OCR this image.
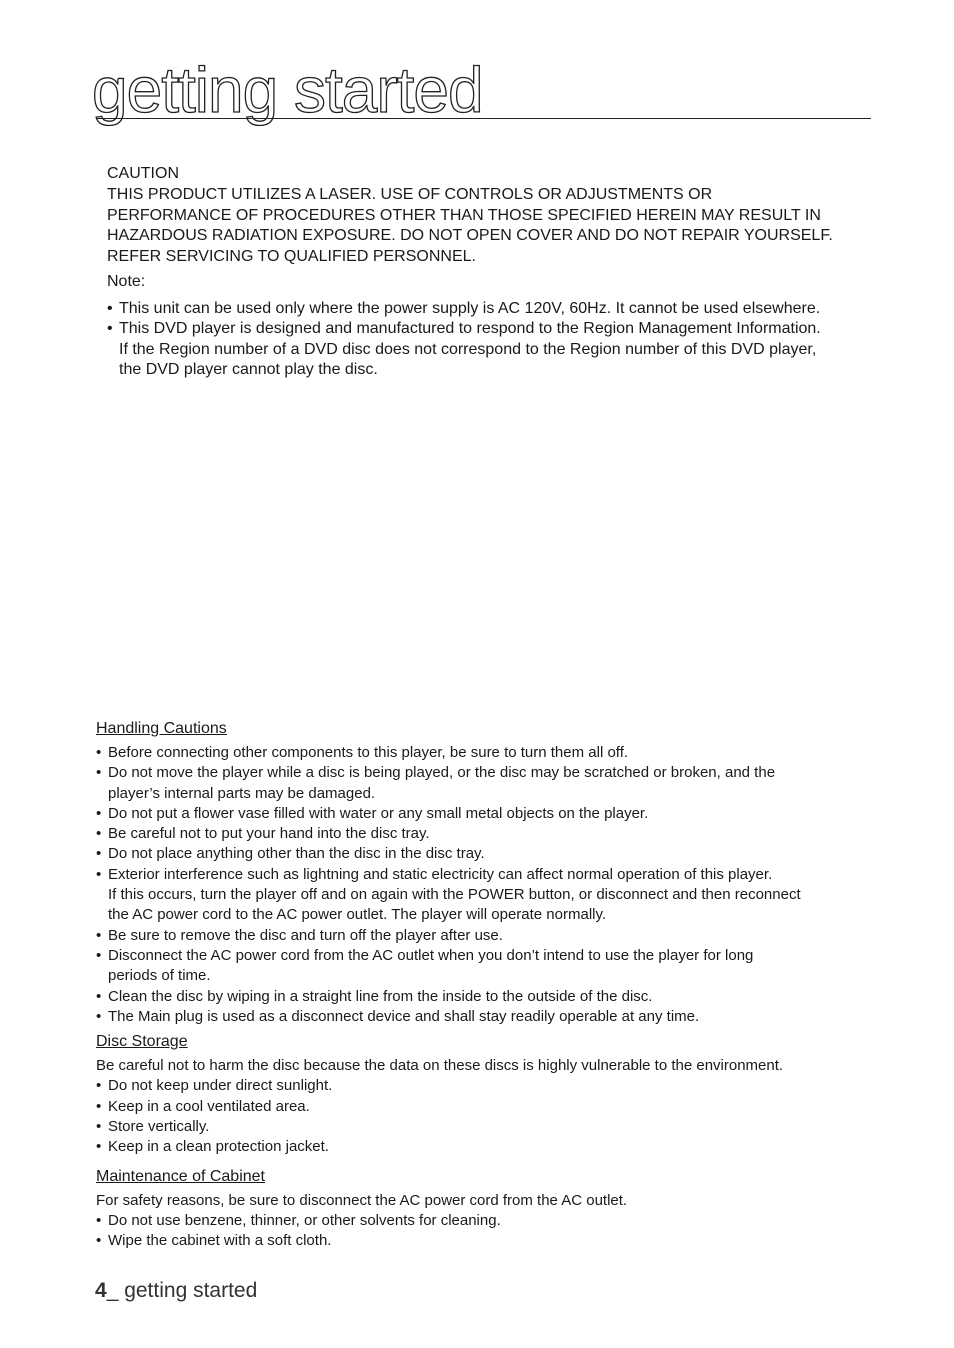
getting started

CAUTION

THIS PRODUCT UTILIZES A LASER. USE OF CONTROLS OR ADJUSTMENTS OR
PERFORMANCE OF PROCEDURES OTHER THAN THOSE SPECIFIED HEREIN MAY RESULT IN
HAZARDOUS RADIATION EXPOSURE. DO NOT OPEN COVER AND DO NOT REPAIR YOURSELF.
REFER SERVICING TO QUALIFIED PERSONNEL.

Note:

• This unit can be used only where the power supply is AC 120V, 60Hz. It cannot be used elsewhere.
• This DVD player is designed and manufactured to respond to the Region Management Information.
If the Region number of a DVD disc does not correspond to the Region number of this DVD player,
the DVD player cannot play the disc.

Handling Cautions

• Before connecting other components to this player, be sure to turn them all off.
• Do not move the player while a disc is being played, or the disc may be scratched or broken, and the
player’s internal parts may be damaged.
• Do not put a flower vase filled with water or any small metal objects on the player.
• Be careful not to put your hand into the disc tray.
• Do not place anything other than the disc in the disc tray.
• Exterior interference such as lightning and static electricity can affect normal operation of this player.
If this occurs, turn the player off and on again with the POWER button, or disconnect and then reconnect
the AC power cord to the AC power outlet. The player will operate normally.
• Be sure to remove the disc and turn off the player after use.
• Disconnect the AC power cord from the AC outlet when you don’t intend to use the player for long
periods of time.
• Clean the disc by wiping in a straight line from the inside to the outside of the disc.
• The Main plug is used as a disconnect device and shall stay readily operable at any time.

Disc Storage

Be careful not to harm the disc because the data on these discs is highly vulnerable to the environment.

• Do not keep under direct sunlight.
• Keep in a cool ventilated area.
• Store vertically.
• Keep in a clean protection jacket.

Maintenance of Cabinet

For safety reasons, be sure to disconnect the AC power cord from the AC outlet.

• Do not use benzene, thinner, or other solvents for cleaning.
• Wipe the cabinet with a soft cloth.
4_ getting started
